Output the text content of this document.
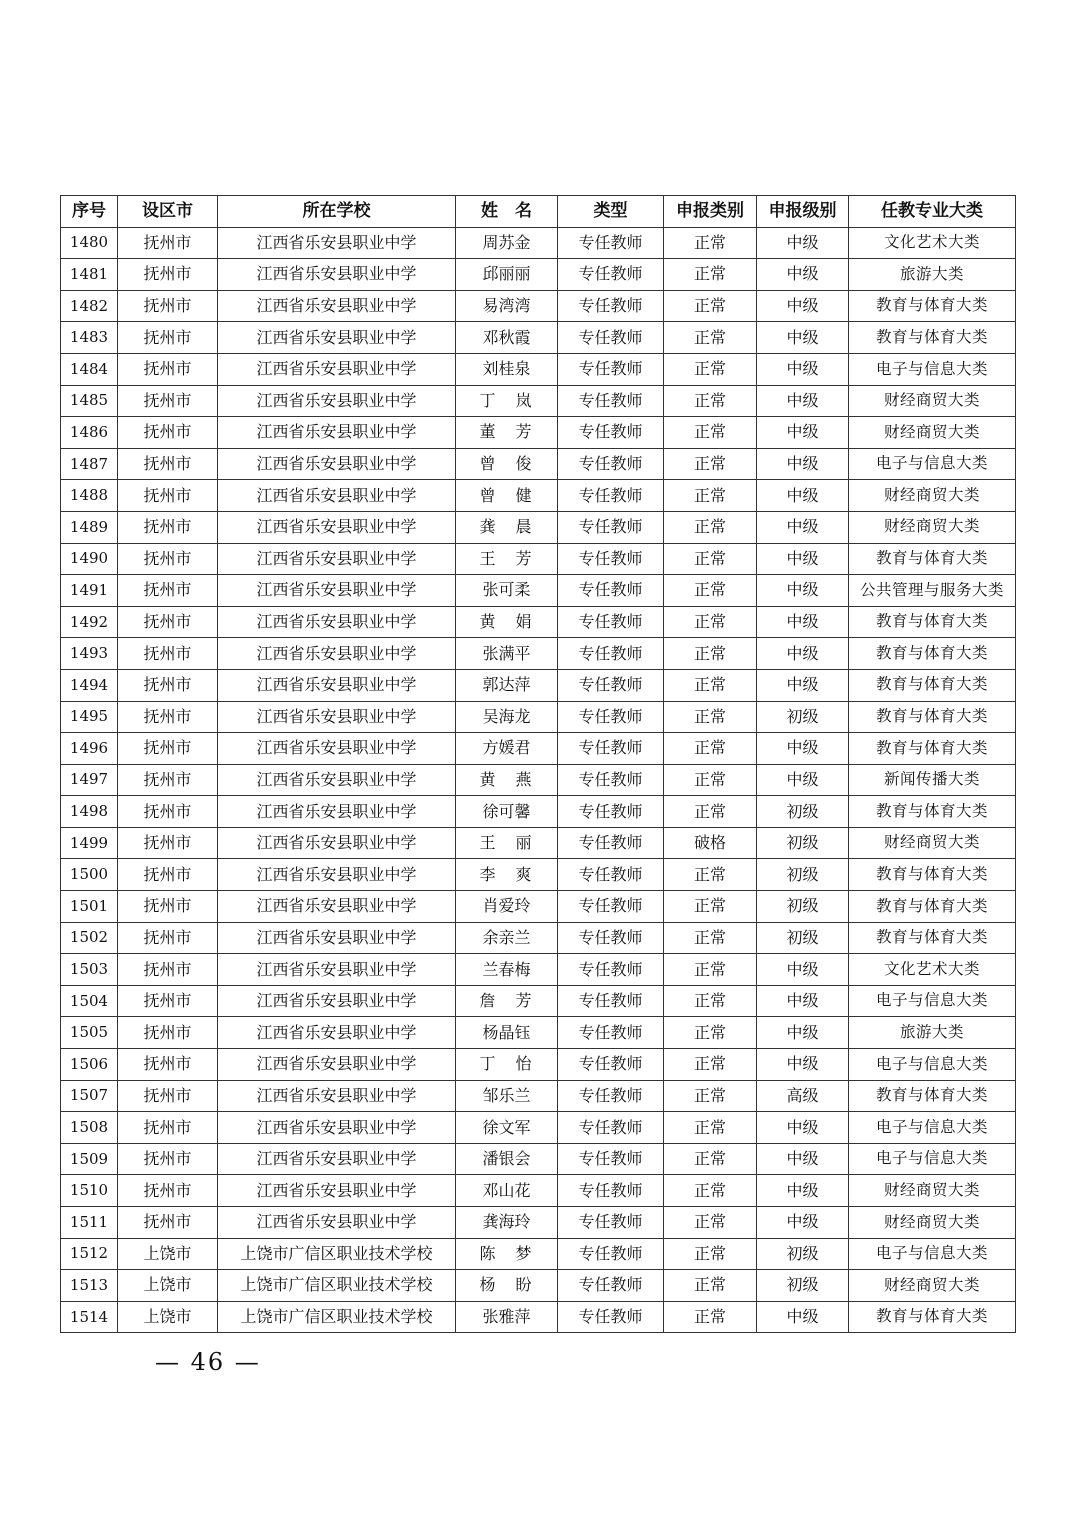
序号	设区市	所在学校	姓　名	类型	申报类别	申报级别	任教专业大类
1480	抚州市	江西省乐安县职业中学	周苏金	专任教师	正常	中级	文化艺术大类
1481	抚州市	江西省乐安县职业中学	邱丽丽	专任教师	正常	中级	旅游大类
1482	抚州市	江西省乐安县职业中学	易湾湾	专任教师	正常	中级	教育与体育大类
1483	抚州市	江西省乐安县职业中学	邓秋霞	专任教师	正常	中级	教育与体育大类
1484	抚州市	江西省乐安县职业中学	刘桂泉	专任教师	正常	中级	电子与信息大类
1485	抚州市	江西省乐安县职业中学	丁　岚	专任教师	正常	中级	财经商贸大类
1486	抚州市	江西省乐安县职业中学	董　芳	专任教师	正常	中级	财经商贸大类
1487	抚州市	江西省乐安县职业中学	曾　俊	专任教师	正常	中级	电子与信息大类
1488	抚州市	江西省乐安县职业中学	曾　健	专任教师	正常	中级	财经商贸大类
1489	抚州市	江西省乐安县职业中学	龚　晨	专任教师	正常	中级	财经商贸大类
1490	抚州市	江西省乐安县职业中学	王　芳	专任教师	正常	中级	教育与体育大类
1491	抚州市	江西省乐安县职业中学	张可柔	专任教师	正常	中级	公共管理与服务大类
1492	抚州市	江西省乐安县职业中学	黄　娟	专任教师	正常	中级	教育与体育大类
1493	抚州市	江西省乐安县职业中学	张满平	专任教师	正常	中级	教育与体育大类
1494	抚州市	江西省乐安县职业中学	郭达萍	专任教师	正常	中级	教育与体育大类
1495	抚州市	江西省乐安县职业中学	吴海龙	专任教师	正常	初级	教育与体育大类
1496	抚州市	江西省乐安县职业中学	方媛君	专任教师	正常	中级	教育与体育大类
1497	抚州市	江西省乐安县职业中学	黄　燕	专任教师	正常	中级	新闻传播大类
1498	抚州市	江西省乐安县职业中学	徐可馨	专任教师	正常	初级	教育与体育大类
1499	抚州市	江西省乐安县职业中学	王　丽	专任教师	破格	初级	财经商贸大类
1500	抚州市	江西省乐安县职业中学	李　爽	专任教师	正常	初级	教育与体育大类
1501	抚州市	江西省乐安县职业中学	肖爱玲	专任教师	正常	初级	教育与体育大类
1502	抚州市	江西省乐安县职业中学	余亲兰	专任教师	正常	初级	教育与体育大类
1503	抚州市	江西省乐安县职业中学	兰春梅	专任教师	正常	中级	文化艺术大类
1504	抚州市	江西省乐安县职业中学	詹　芳	专任教师	正常	中级	电子与信息大类
1505	抚州市	江西省乐安县职业中学	杨晶钰	专任教师	正常	中级	旅游大类
1506	抚州市	江西省乐安县职业中学	丁　怡	专任教师	正常	中级	电子与信息大类
1507	抚州市	江西省乐安县职业中学	邹乐兰	专任教师	正常	高级	教育与体育大类
1508	抚州市	江西省乐安县职业中学	徐文军	专任教师	正常	中级	电子与信息大类
1509	抚州市	江西省乐安县职业中学	潘银会	专任教师	正常	中级	电子与信息大类
1510	抚州市	江西省乐安县职业中学	邓山花	专任教师	正常	中级	财经商贸大类
1511	抚州市	江西省乐安县职业中学	龚海玲	专任教师	正常	中级	财经商贸大类
1512	上饶市	上饶市广信区职业技术学校	陈　梦	专任教师	正常	初级	电子与信息大类
1513	上饶市	上饶市广信区职业技术学校	杨　盼	专任教师	正常	初级	财经商贸大类
1514	上饶市	上饶市广信区职业技术学校	张雅萍	专任教师	正常	中级	教育与体育大类
— 46 —
